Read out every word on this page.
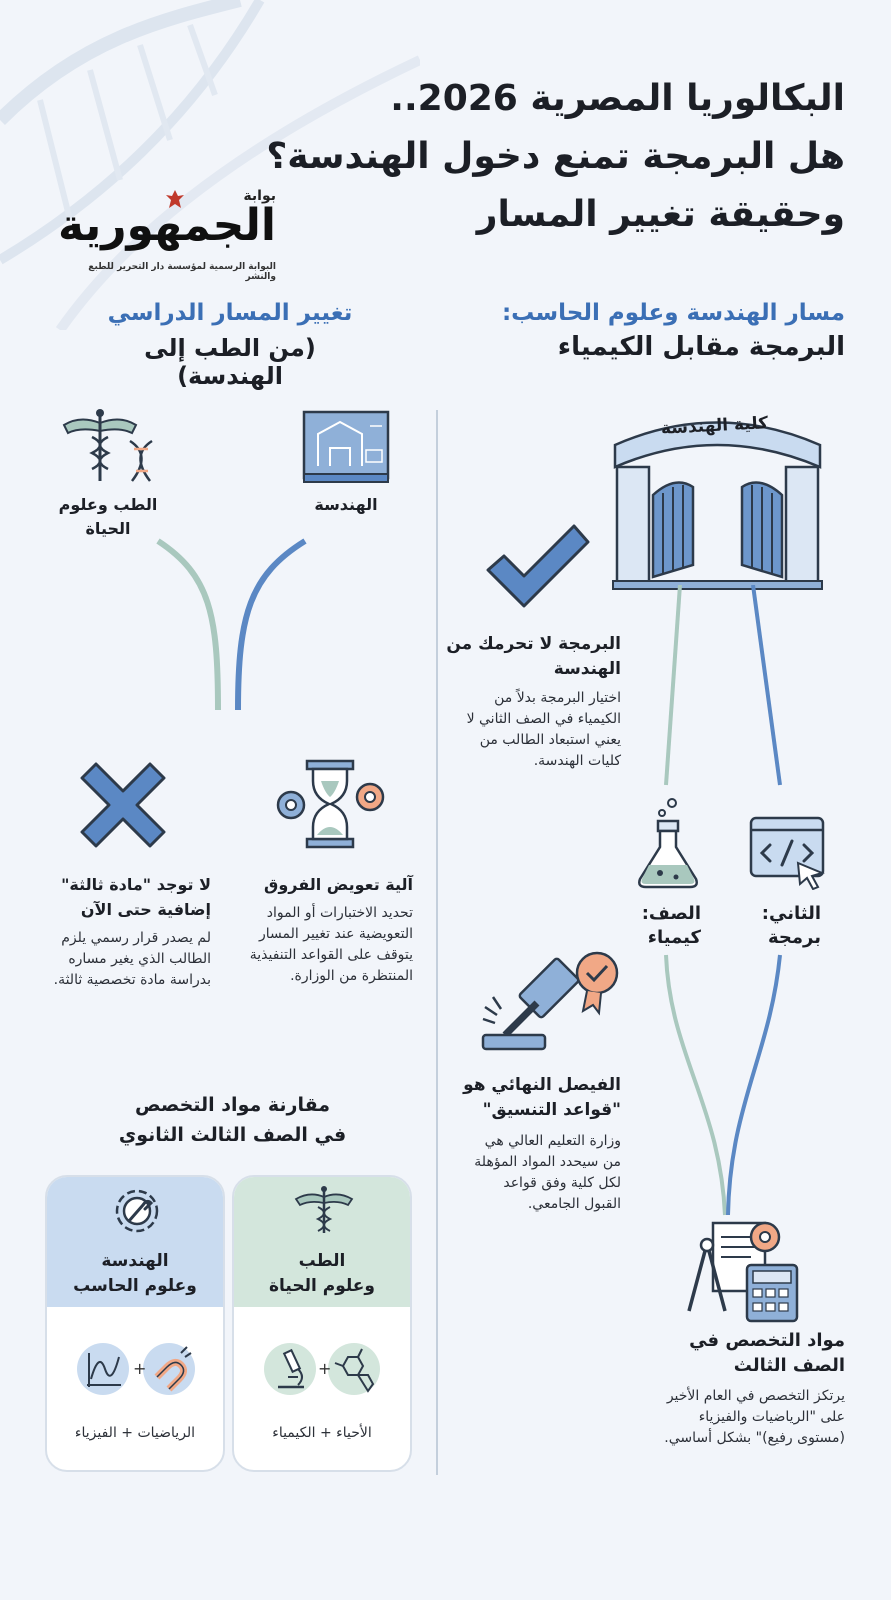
البكالوريا المصرية 2026..
هل البرمجة تمنع دخول الهندسة؟
وحقيقة تغيير المسار
بوابة
الجمهورية
البوابة الرسمية لمؤسسة دار التحرير للطبع والنشر
مسار الهندسة وعلوم الحاسب:
البرمجة مقابل الكيمياء
تغيير المسار الدراسي
(من الطب إلى الهندسة)
كلية الهندسة
البرمجة لا تحرمك من الهندسة
اختيار البرمجة بدلاً من الكيمياء في الصف الثاني لا يعني استبعاد الطالب من كليات الهندسة.
الثاني: برمجة
الصف: كيمياء
الفيصل النهائي هو "قواعد التنسيق"
وزارة التعليم العالي هي من سيحدد المواد المؤهلة لكل كلية وفق قواعد القبول الجامعي.
مواد التخصص في الصف الثالث
يرتكز التخصص في العام الأخير على "الرياضيات والفيزياء (مستوى رفيع)" بشكل أساسي.
الهندسة
الطب وعلوم الحياة
آلية تعويض الفروق
تحديد الاختبارات أو المواد التعويضية عند تغيير المسار يتوقف على القواعد التنفيذية المنتظرة من الوزارة.
لا توجد "مادة ثالثة" إضافية حتى الآن
لم يصدر قرار رسمي يلزم الطالب الذي يغير مساره بدراسة مادة تخصصية ثالثة.
مقارنة مواد التخصص
في الصف الثالث الثانوي
الطب
وعلوم الحياة
+
الأحياء + الكيمياء
الهندسة
وعلوم الحاسب
+
الرياضيات + الفيزياء
